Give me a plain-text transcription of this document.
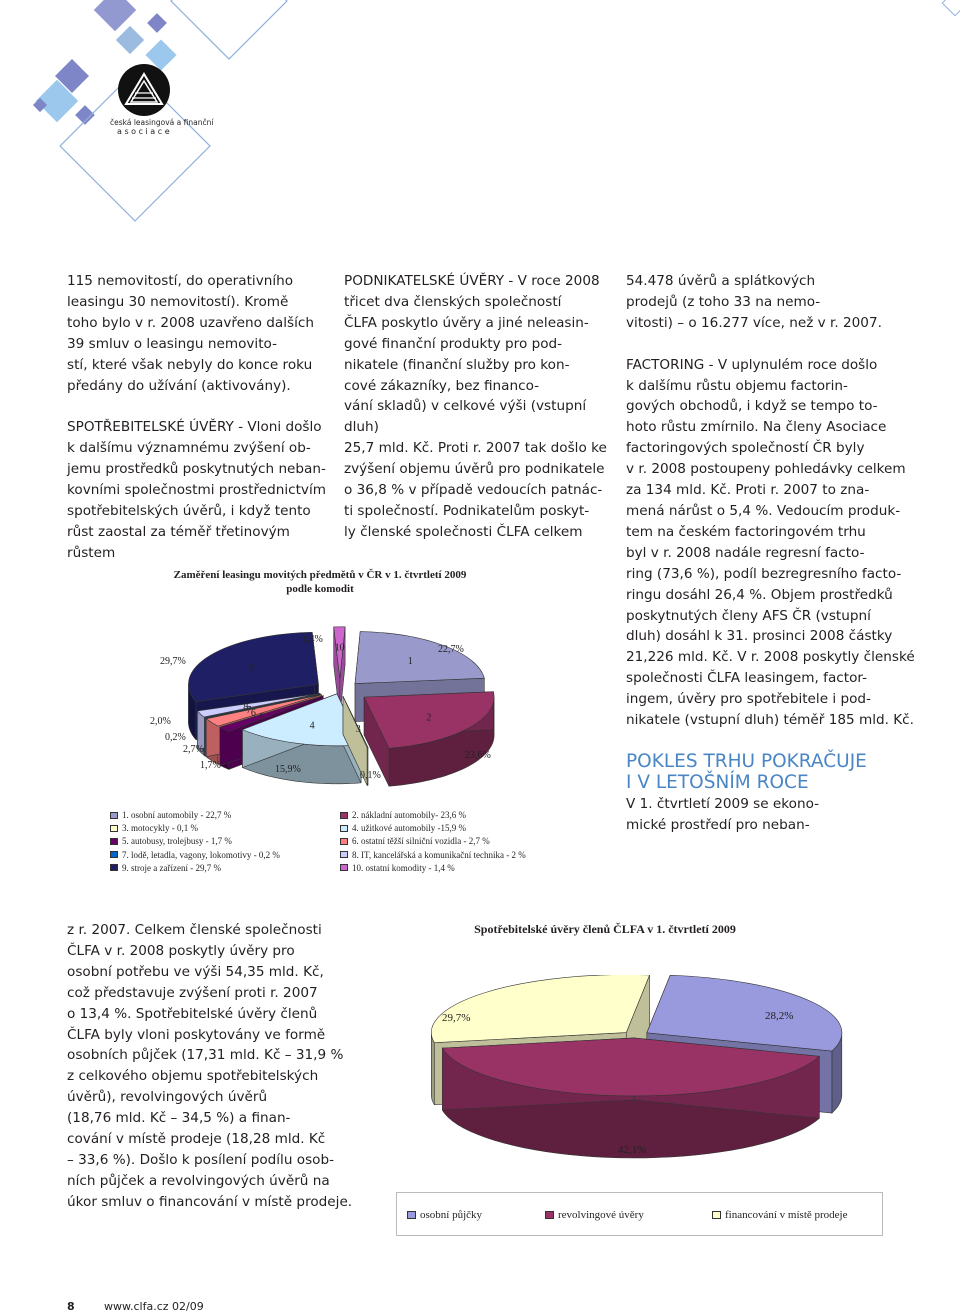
česká leasingová a finanční
a s o c i a c e
115 nemovitostí, do operativního
leasingu 30 nemovitostí). Kromě
toho bylo v r. 2008 uzavřeno dalších
39 smluv o leasingu nemovito-
stí, které však nebyly do konce roku
předány do užívání (aktivovány).

SPOTŘEBITELSKÉ ÚVĚRY - Vloni došlo
k dalšímu významnému zvýšení ob-
jemu prostředků poskytnutých neban-
kovními společnostmi prostřednictvím
spotřebitelských úvěrů, i když tento
růst zaostal za téměř třetinovým růstem
PODNIKATELSKÉ ÚVĚRY - V roce 2008
třicet dva členských společností
ČLFA poskytlo úvěry a jiné neleasin-
gové finanční produkty pro pod-
nikatele (finanční služby pro kon-
cové zákazníky, bez financo-
vání skladů) v celkové výši (vstupní dluh)
25,7 mld. Kč. Proti r. 2007 tak došlo ke
zvýšení objemu úvěrů pro podnikatele
o 36,8 % v případě vedoucích patnác-
ti společností. Podnikatelům poskyt-
ly členské společnosti ČLFA celkem
54.478 úvěrů a splátkových
prodejů (z toho 33 na nemo-
vitosti) – o 16.277 více, než v r. 2007.

FACTORING - V uplynulém roce došlo
k dalšímu růstu objemu factorin-
gových obchodů, i když se tempo to-
hoto růstu zmírnilo. Na členy Asociace
factoringových společností ČR byly
v r. 2008 postoupeny pohledávky celkem
za 134 mld. Kč. Proti r. 2007 to zna-
mená nárůst o 5,4 %. Vedoucím produk-
tem na českém factoringovém trhu
byl v r. 2008 nadále regresní facto-
ring (73,6 %), podíl bezregresního facto-
ringu dosáhl 26,4 %. Objem prostředků
poskytnutých členy AFS ČR (vstupní
dluh) dosáhl k 31. prosinci 2008 částky
21,226 mld. Kč. V r. 2008 poskytly členské
společnosti ČLFA leasingem, factor-
ingem, úvěry pro spotřebitele i pod-
nikatele (vstupní dluh) téměř 185 mld. Kč.
POKLES TRHU POKRAČUJE
I V LETOŠNÍM ROCE
V 1. čtvrtletí 2009 se ekono-
mické prostředí pro neban-
z r. 2007. Celkem členské společnosti
ČLFA v r. 2008 poskytly úvěry pro
osobní potřebu ve výši 54,35 mld. Kč,
což představuje zvýšení proti r. 2007
o 13,4 %. Spotřebitelské úvěry členů
ČLFA byly vloni poskytovány ve formě
osobních půjček (17,31 mld. Kč – 31,9 %
z celkového objemu spotřebitelských
úvěrů), revolvingových úvěrů
(18,76 mld. Kč – 34,5 %) a finan-
cování v místě prodeje (18,28 mld. Kč
– 33,6 %). Došlo k posílení podílu osob-
ních půjček a revolvingových úvěrů na
úkor smluv o financování v místě prodeje.
Zaměření leasingu movitých předmětů v ČR v 1. čtvrtletí 2009
podle komodit
22,7%
23,6%
0,1%
15,9%
1,7%
2,7%
0,2%
2,0%
29,7%
1,4%
1
2
3
4
5
6
7
8
9
10
1. osobní automobily - 22,7 %	2. nákladní automobily- 23,6 %
3. motocykly - 0,1 %	4. užitkové automobily -15,9 %
5. autobusy, trolejbusy - 1,7 %	6. ostatní těžší silniční vozidla - 2,7 %
7. lodě, letadla, vagony, lokomotivy - 0,2 %	8. IT, kancelářská a komunikační technika - 2 %
9. stroje a zařízení - 29,7 %	10. ostatní komodity - 1,4 %
Spotřebitelské úvěry členů ČLFA v 1. čtvrtletí 2009
28,2%
42,1%
29,7%
osobní půjčky	revolvingové úvěry	financování v místě prodeje
8	www.clfa.cz 02/09
